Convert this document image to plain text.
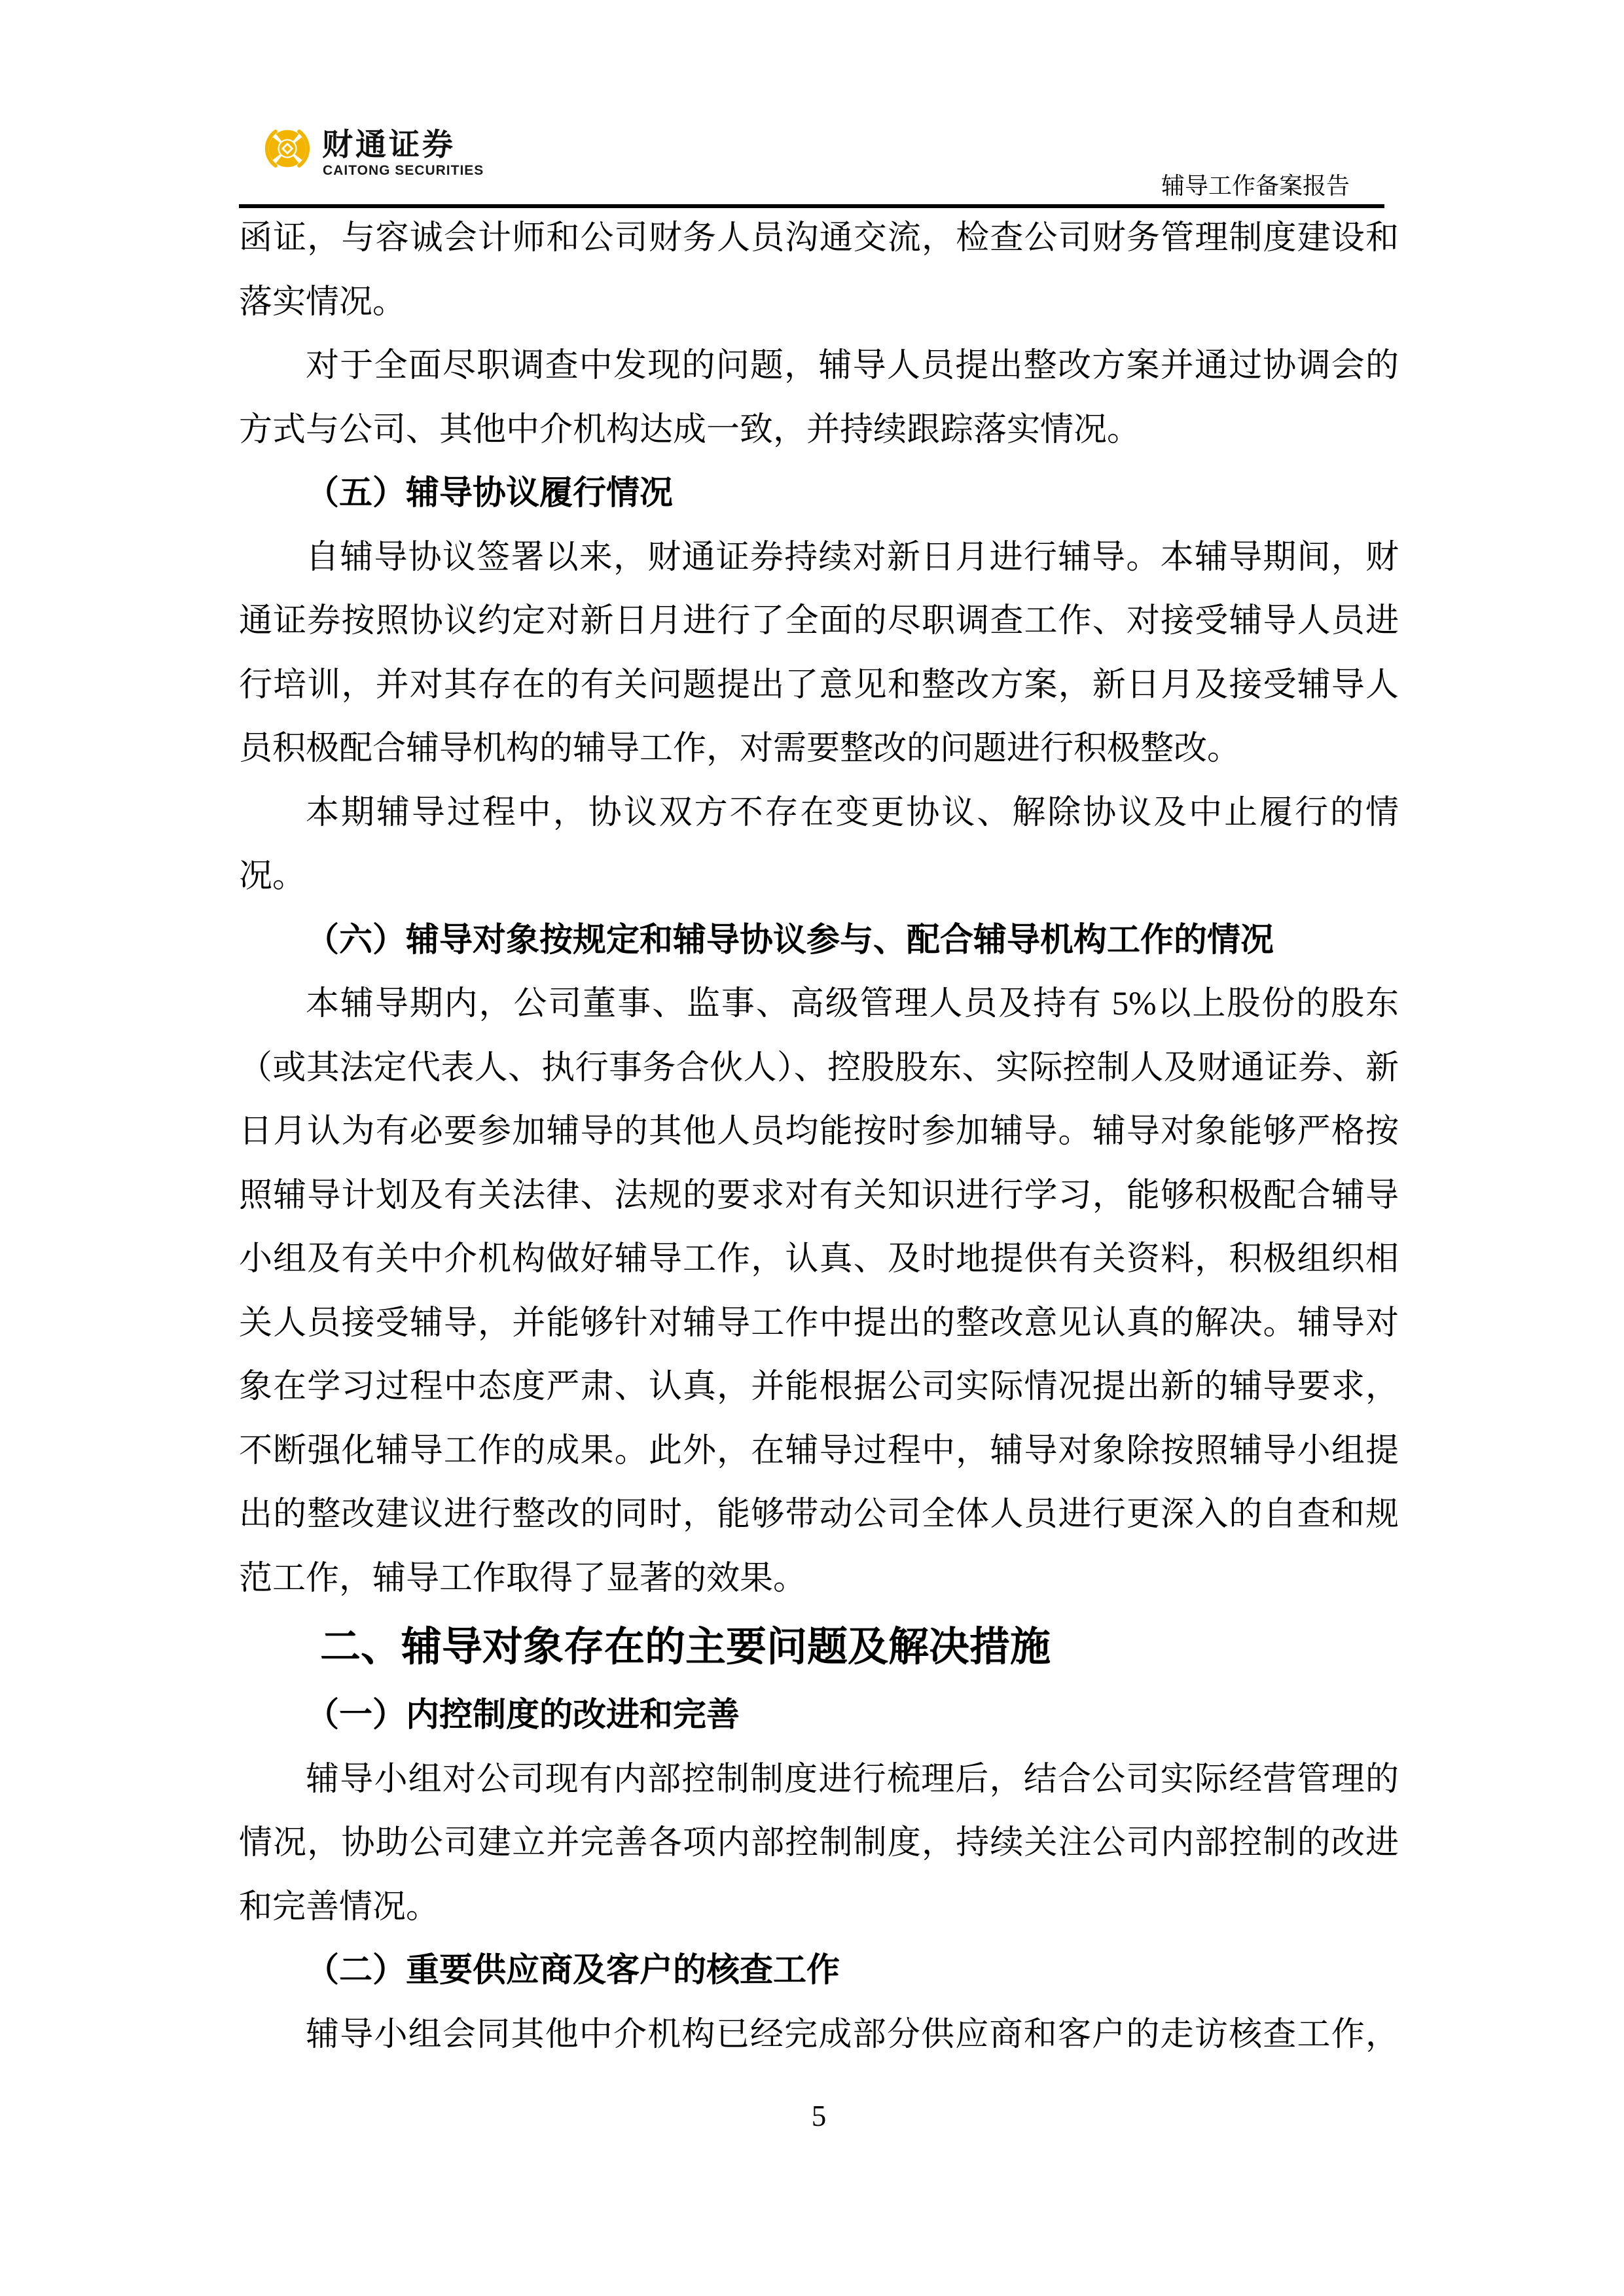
财通证券
CAITONG SECURITIES
辅导工作备案报告
函证，与容诚会计师和公司财务人员沟通交流，检查公司财务管理制度建设和
落实情况。
对于全面尽职调查中发现的问题，辅导人员提出整改方案并通过协调会的
方式与公司、其他中介机构达成一致，并持续跟踪落实情况。
（五）辅导协议履行情况
自辅导协议签署以来，财通证券持续对新日月进行辅导。本辅导期间，财
通证券按照协议约定对新日月进行了全面的尽职调查工作、对接受辅导人员进
行培训，并对其存在的有关问题提出了意见和整改方案，新日月及接受辅导人
员积极配合辅导机构的辅导工作，对需要整改的问题进行积极整改。
本期辅导过程中，协议双方不存在变更协议、解除协议及中止履行的情
况。
（六）辅导对象按规定和辅导协议参与、配合辅导机构工作的情况
本辅导期内，公司董事、监事、高级管理人员及持有 5%以上股份的股东
（或其法定代表人、执行事务合伙人）、控股股东、实际控制人及财通证券、新
日月认为有必要参加辅导的其他人员均能按时参加辅导。辅导对象能够严格按
照辅导计划及有关法律、法规的要求对有关知识进行学习，能够积极配合辅导
小组及有关中介机构做好辅导工作，认真、及时地提供有关资料，积极组织相
关人员接受辅导，并能够针对辅导工作中提出的整改意见认真的解决。辅导对
象在学习过程中态度严肃、认真，并能根据公司实际情况提出新的辅导要求，
不断强化辅导工作的成果。此外，在辅导过程中，辅导对象除按照辅导小组提
出的整改建议进行整改的同时，能够带动公司全体人员进行更深入的自查和规
范工作，辅导工作取得了显著的效果。
二、辅导对象存在的主要问题及解决措施
（一）内控制度的改进和完善
辅导小组对公司现有内部控制制度进行梳理后，结合公司实际经营管理的
情况，协助公司建立并完善各项内部控制制度，持续关注公司内部控制的改进
和完善情况。
（二）重要供应商及客户的核查工作
辅导小组会同其他中介机构已经完成部分供应商和客户的走访核查工作，
5
